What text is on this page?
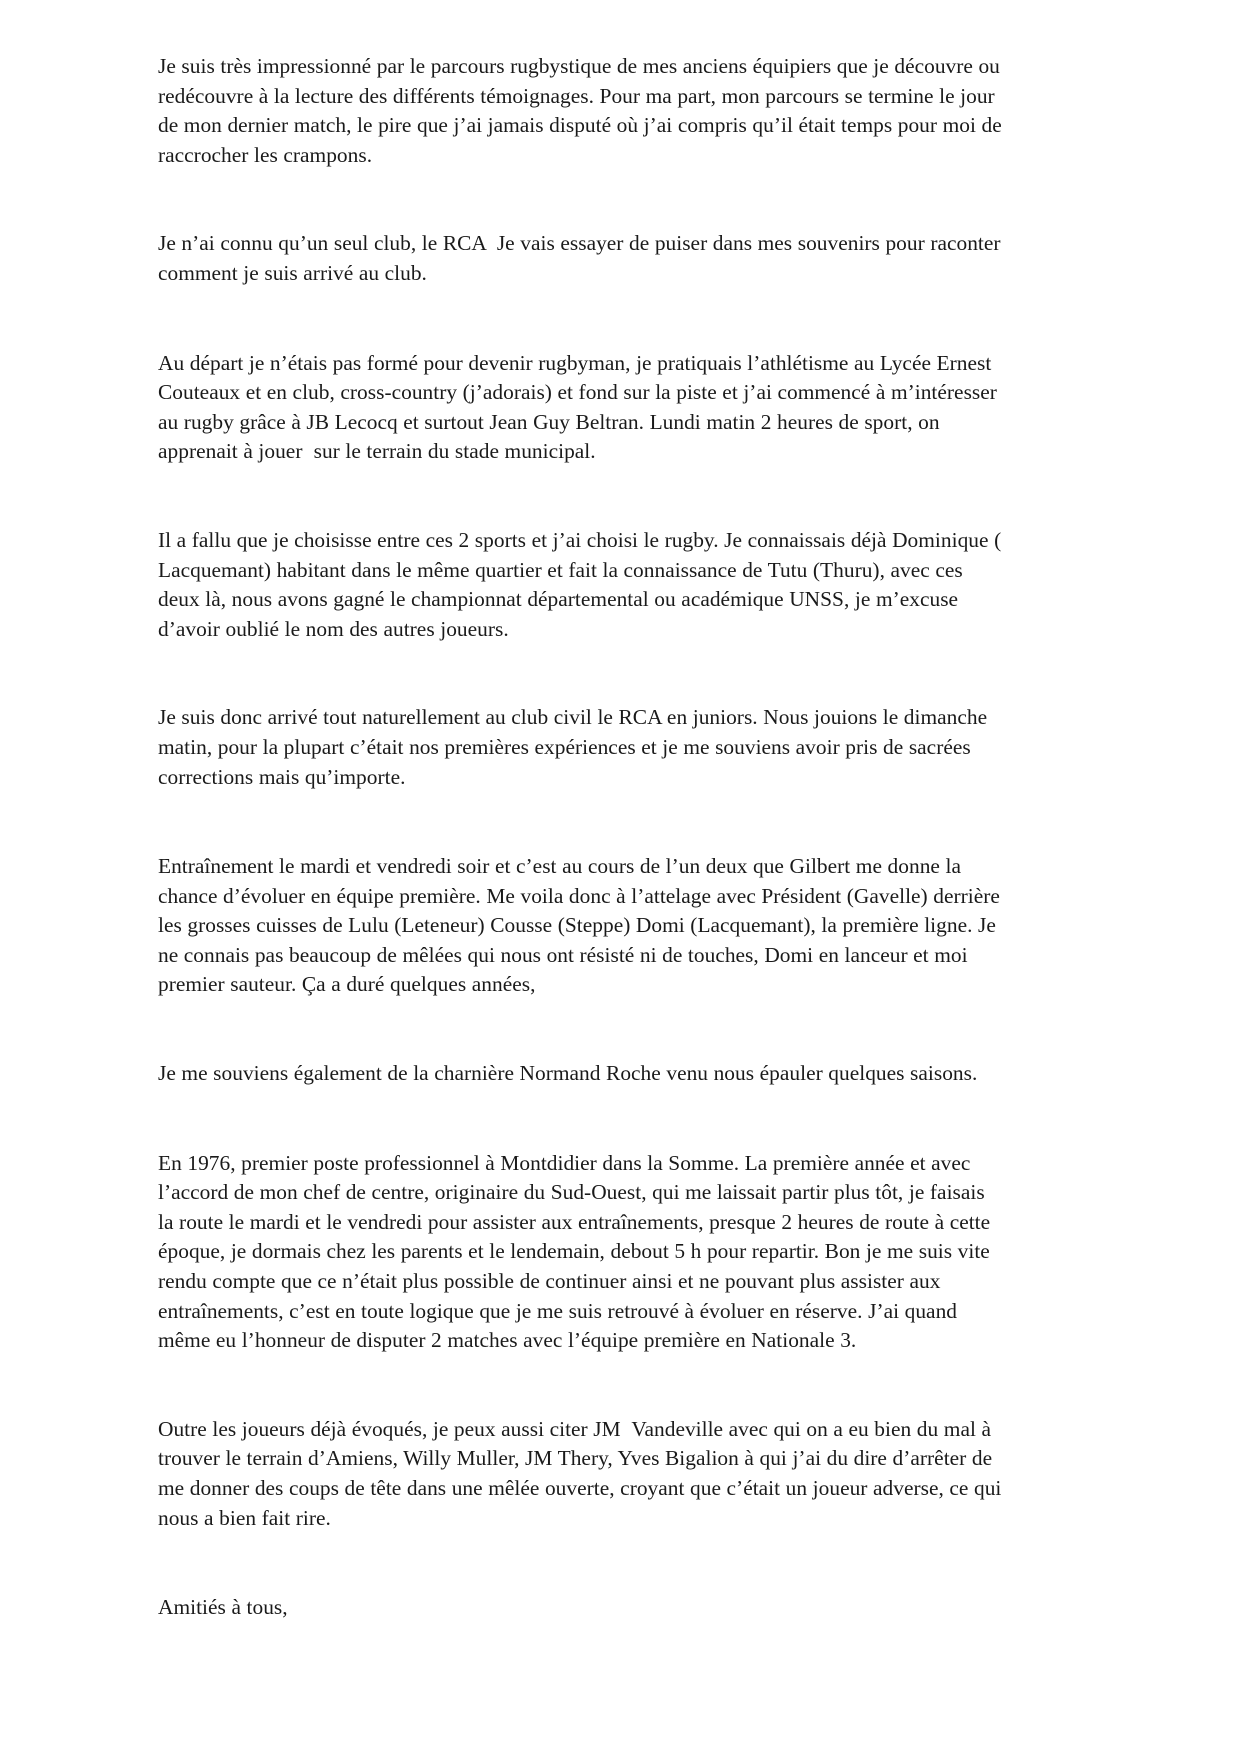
Je suis très impressionné par le parcours rugbystique de mes anciens équipiers que je découvre ou redécouvre à la lecture des différents témoignages. Pour ma part, mon parcours se termine le jour de mon dernier match, le pire que j’ai jamais disputé où j’ai compris qu’il était temps pour moi de raccrocher les crampons.

Je n’ai connu qu’un seul club, le RCA  Je vais essayer de puiser dans mes souvenirs pour raconter comment je suis arrivé au club.

Au départ je n’étais pas formé pour devenir rugbyman, je pratiquais l’athlétisme au Lycée Ernest Couteaux et en club, cross-country (j’adorais) et fond sur la piste et j’ai commencé à m’intéresser au rugby grâce à JB Lecocq et surtout Jean Guy Beltran. Lundi matin 2 heures de sport, on apprenait à jouer  sur le terrain du stade municipal.

Il a fallu que je choisisse entre ces 2 sports et j’ai choisi le rugby. Je connaissais déjà Dominique ( Lacquemant) habitant dans le même quartier et fait la connaissance de Tutu (Thuru), avec ces deux là, nous avons gagné le championnat départemental ou académique UNSS, je m’excuse d’avoir oublié le nom des autres joueurs.

Je suis donc arrivé tout naturellement au club civil le RCA en juniors. Nous jouions le dimanche matin, pour la plupart c’était nos premières expériences et je me souviens avoir pris de sacrées corrections mais qu’importe.

Entraînement le mardi et vendredi soir et c’est au cours de l’un deux que Gilbert me donne la chance d’évoluer en équipe première. Me voila donc à l’attelage avec Président (Gavelle) derrière les grosses cuisses de Lulu (Leteneur) Cousse (Steppe) Domi (Lacquemant), la première ligne. Je ne connais pas beaucoup de mêlées qui nous ont résisté ni de touches, Domi en lanceur et moi premier sauteur. Ça a duré quelques années,

Je me souviens également de la charnière Normand Roche venu nous épauler quelques saisons.

En 1976, premier poste professionnel à Montdidier dans la Somme. La première année et avec l’accord de mon chef de centre, originaire du Sud-Ouest, qui me laissait partir plus tôt, je faisais la route le mardi et le vendredi pour assister aux entraînements, presque 2 heures de route à cette époque, je dormais chez les parents et le lendemain, debout 5 h pour repartir. Bon je me suis vite rendu compte que ce n’était plus possible de continuer ainsi et ne pouvant plus assister aux entraînements, c’est en toute logique que je me suis retrouvé à évoluer en réserve. J’ai quand même eu l’honneur de disputer 2 matches avec l’équipe première en Nationale 3.

Outre les joueurs déjà évoqués, je peux aussi citer JM  Vandeville avec qui on a eu bien du mal à trouver le terrain d’Amiens, Willy Muller, JM Thery, Yves Bigalion à qui j’ai du dire d’arrêter de me donner des coups de tête dans une mêlée ouverte, croyant que c’était un joueur adverse, ce qui nous a bien fait rire.

Amitiés à tous,
